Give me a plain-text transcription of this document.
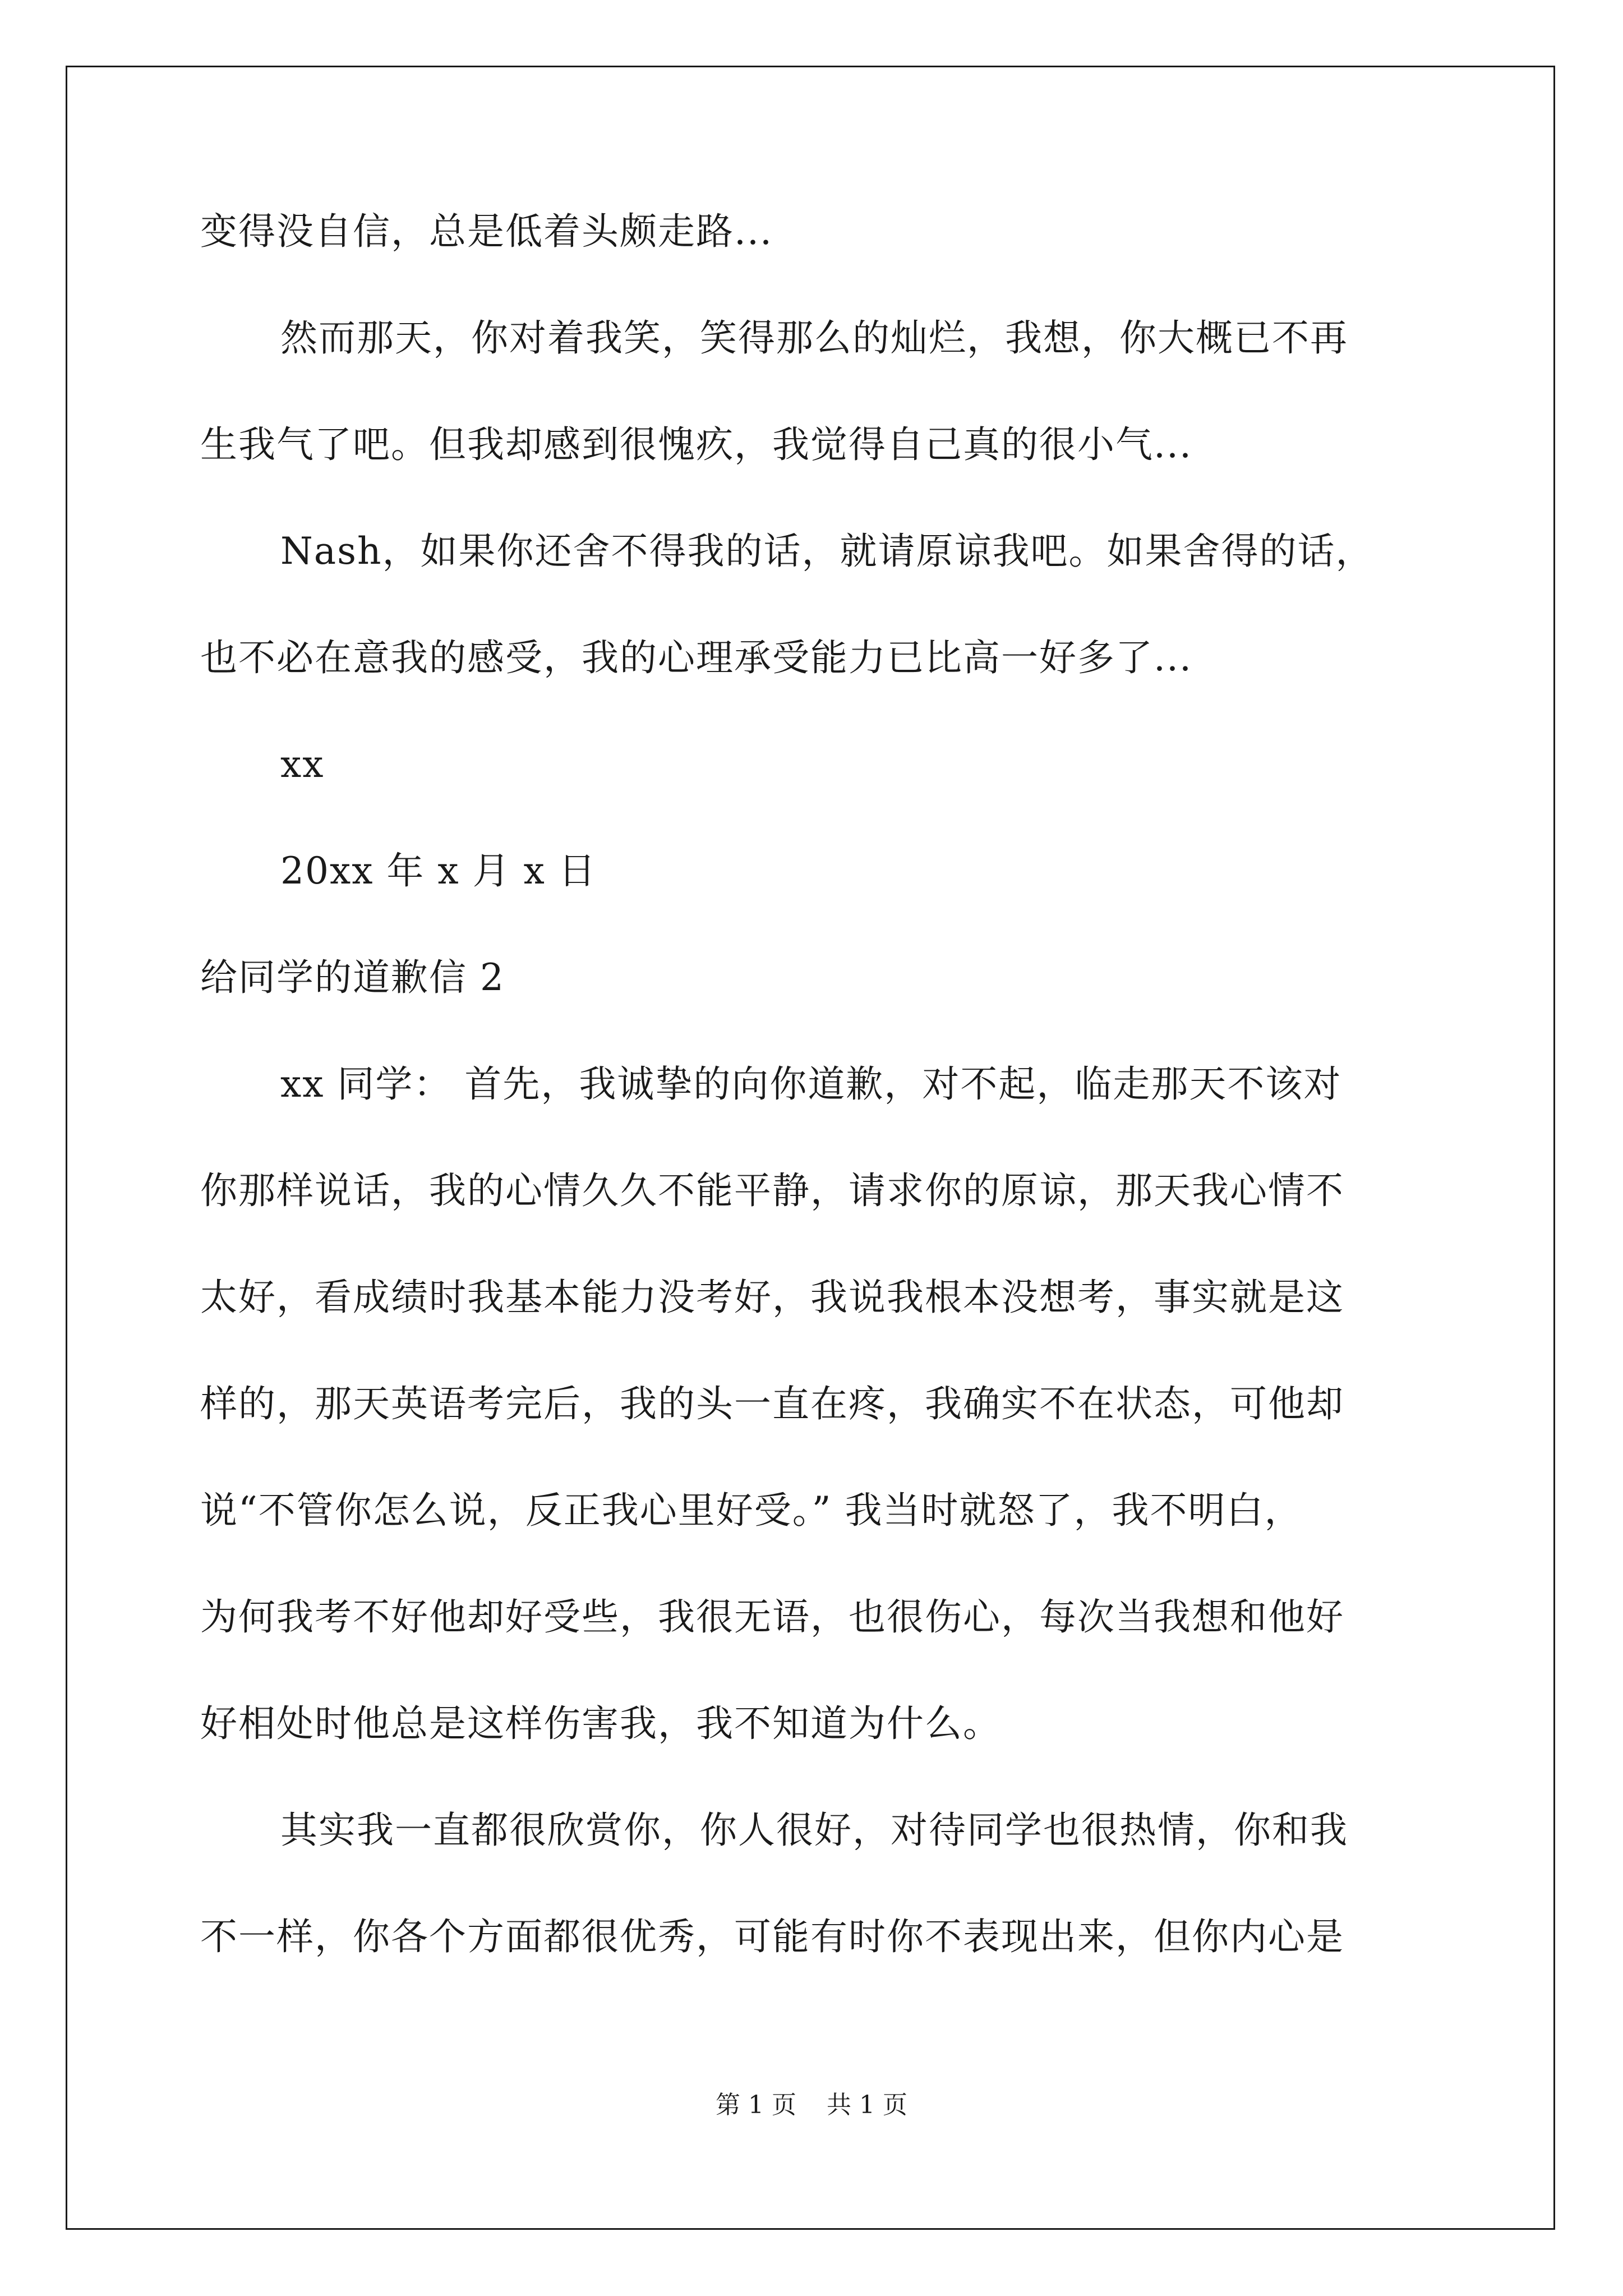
变得没自信，总是低着头颇走路...
然而那天，你对着我笑，笑得那么的灿烂，我想，你大概已不再
生我气了吧。但我却感到很愧疚，我觉得自己真的很小气...
Nash，如果你还舍不得我的话，就请原谅我吧。如果舍得的话，
也不必在意我的感受，我的心理承受能力已比高一好多了...
xx
20xx 年 x 月 x 日
给同学的道歉信 2
xx 同学： 首先，我诚挚的向你道歉，对不起，临走那天不该对
你那样说话，我的心情久久不能平静，请求你的原谅，那天我心情不
太好，看成绩时我基本能力没考好，我说我根本没想考，事实就是这
样的，那天英语考完后，我的头一直在疼，我确实不在状态，可他却
说“不管你怎么说，反正我心里好受。” 我当时就怒了，我不明白，
为何我考不好他却好受些，我很无语，也很伤心，每次当我想和他好
好相处时他总是这样伤害我，我不知道为什么。
其实我一直都很欣赏你，你人很好，对待同学也很热情，你和我
不一样，你各个方面都很优秀，可能有时你不表现出来，但你内心是
第 1 页 共 1 页
